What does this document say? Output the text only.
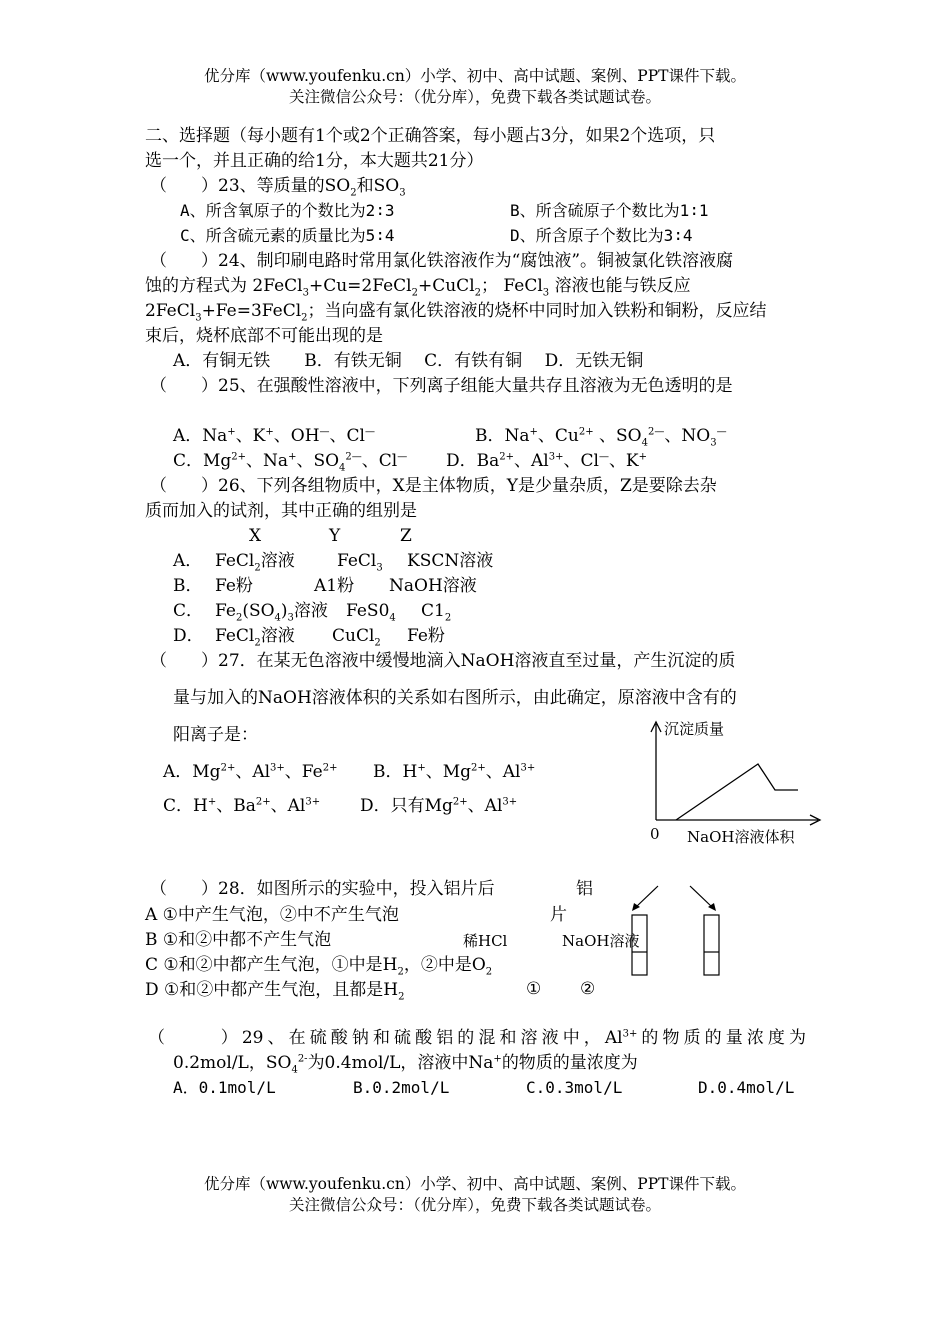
优分库（www.youfenku.cn）小学、初中、高中试题、案例、PPT课件下载。
关注微信公众号：（优分库），免费下载各类试题试卷。
二、选择题（每小题有1个或2个正确答案，每小题占3分，如果2个选项，只
选一个，并且正确的给1分，本大题共21分）
（　　）23、等质量的$SO_2$和$SO_3$
A、所含氧原子的个数比为2∶3	B、所含硫原子个数比为1∶1
C、所含硫元素的质量比为5∶4	D、所含原子个数比为3∶4
（　　）24、制印刷电路时常用氯化铁溶液作为“腐蚀液”。铜被氯化铁溶液腐
蚀的方程式为 2FeCl$_3$+Cu=2FeCl$_2$+CuCl$_2$； FeCl$_3$ 溶液也能与铁反应
2FeCl$_3$+Fe=3FeCl$_2$；当向盛有氯化铁溶液的烧杯中同时加入铁粉和铜粉，反应结
束后，烧杯底部不可能出现的是
A．有铜无铁　　B．有铁无铜　 C．有铁有铜　 D．无铁无铜
（　　）25、在强酸性溶液中，下列离子组能大量共存且溶液为无色透明的是
A．Na+、K+、OH—、Cl—	B．Na+、$Cu^{2+}$ 、$SO_4^{2—}$、$NO_3^—$
C．$Mg^{2+}$、Na+、$SO_4^{2—}$、Cl— D．$Ba^{2+}$、$Al^{3+}$、Cl—、K+
（　　）26、下列各组物质中，X是主体物质，Y是少量杂质，Z是要除去杂
质而加入的试剂，其中正确的组别是
X	Y	Z
A． FeCl$_2$溶液 FeCl$_3$ KSCN溶液
B． Fe粉	A1粉 NaOH溶液
C． $Fe_2(SO_4)_3$溶液 $FeS0_4$ $C1_2$
D． FeCl$_2$溶液 CuCl$_2$ Fe粉
（　　）27．在某无色溶液中缓慢地滴入NaOH溶液直至过量，产生沉淀的质
量与加入的NaOH溶液体积的关系如右图所示，由此确定，原溶液中含有的
阳离子是：
A．$Mg^{2+}$、$Al^{3+}$、$Fe^{2+}$ B．H+、$Mg^{2+}$、$Al^{3+}$
C．H+、$Ba^{2+}$、$Al^{3+}$ D．只有$Mg^{2+}$、$Al^{3+}$
沉淀质量
0 NaOH溶液体积
（　　）28．如图所示的实验中，投入铝片后
A ①中产生气泡，②中不产生气泡
B ①和②中都不产生气泡
C ①和②中都产生气泡，①中是$H_2$，②中是$O_2$
D ①和②中都产生气泡，且都是$H_2$
铝
片
稀HCl	NaOH溶液
① ②
（　　 ）29、在硫酸钠和硫酸铝的混和溶液中，$Al^{3+}$的物质的量浓度为
0.2mol/L，$SO_4^{2-}$为0.4mol/L，溶液中Na+的物质的量浓度为
A．0.1mol/L	B.0.2mol/L	C.0.3mol/L	D.0.4mol/L
优分库（www.youfenku.cn）小学、初中、高中试题、案例、PPT课件下载。
关注微信公众号：（优分库），免费下载各类试题试卷。
